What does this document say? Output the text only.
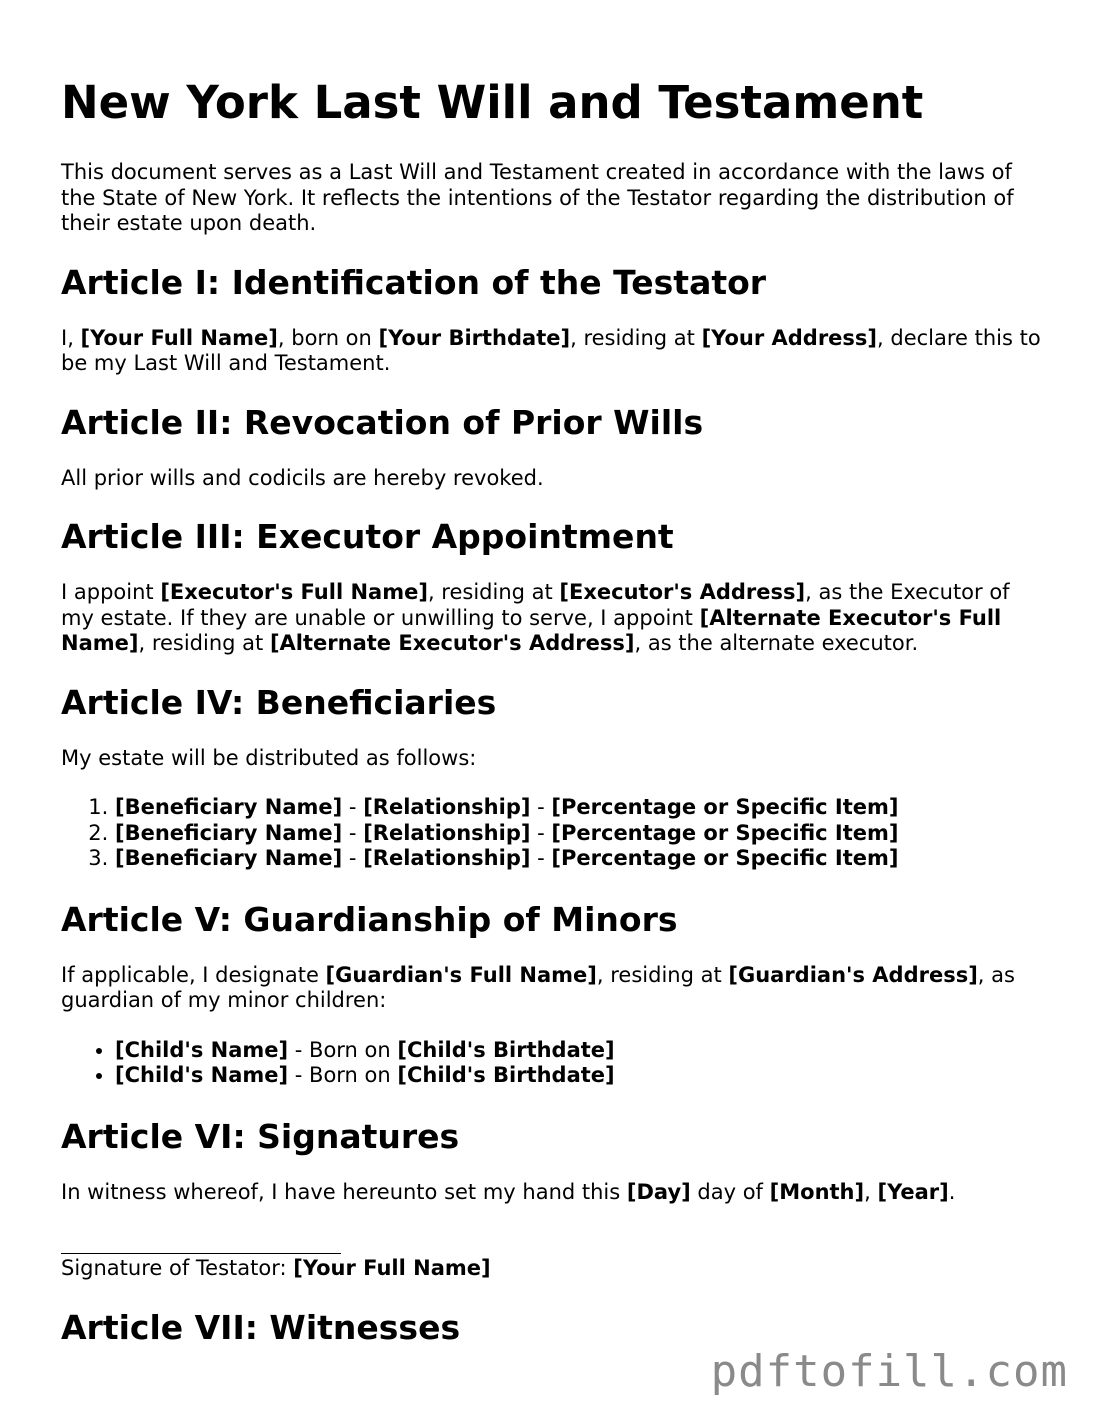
New York Last Will and Testament

This document serves as a Last Will and Testament created in accordance with the laws of the State of New York. It reflects the intentions of the Testator regarding the distribution of their estate upon death.

Article I: Identification of the Testator

I, [Your Full Name], born on [Your Birthdate], residing at [Your Address], declare this to be my Last Will and Testament.

Article II: Revocation of Prior Wills

All prior wills and codicils are hereby revoked.

Article III: Executor Appointment

I appoint [Executor's Full Name], residing at [Executor's Address], as the Executor of my estate. If they are unable or unwilling to serve, I appoint [Alternate Executor's Full Name], residing at [Alternate Executor's Address], as the alternate executor.

Article IV: Beneficiaries

My estate will be distributed as follows:

1. [Beneficiary Name] - [Relationship] - [Percentage or Specific Item]
2. [Beneficiary Name] - [Relationship] - [Percentage or Specific Item]
3. [Beneficiary Name] - [Relationship] - [Percentage or Specific Item]
Article V: Guardianship of Minors

If applicable, I designate [Guardian's Full Name], residing at [Guardian's Address], as guardian of my minor children:

• [Child's Name] - Born on [Child's Birthdate]
• [Child's Name] - Born on [Child's Birthdate]
Article VI: Signatures

In witness whereof, I have hereunto set my hand this [Day] day of [Month], [Year].

Signature of Testator: [Your Full Name]

Article VII: Witnesses
pdftofill.com
